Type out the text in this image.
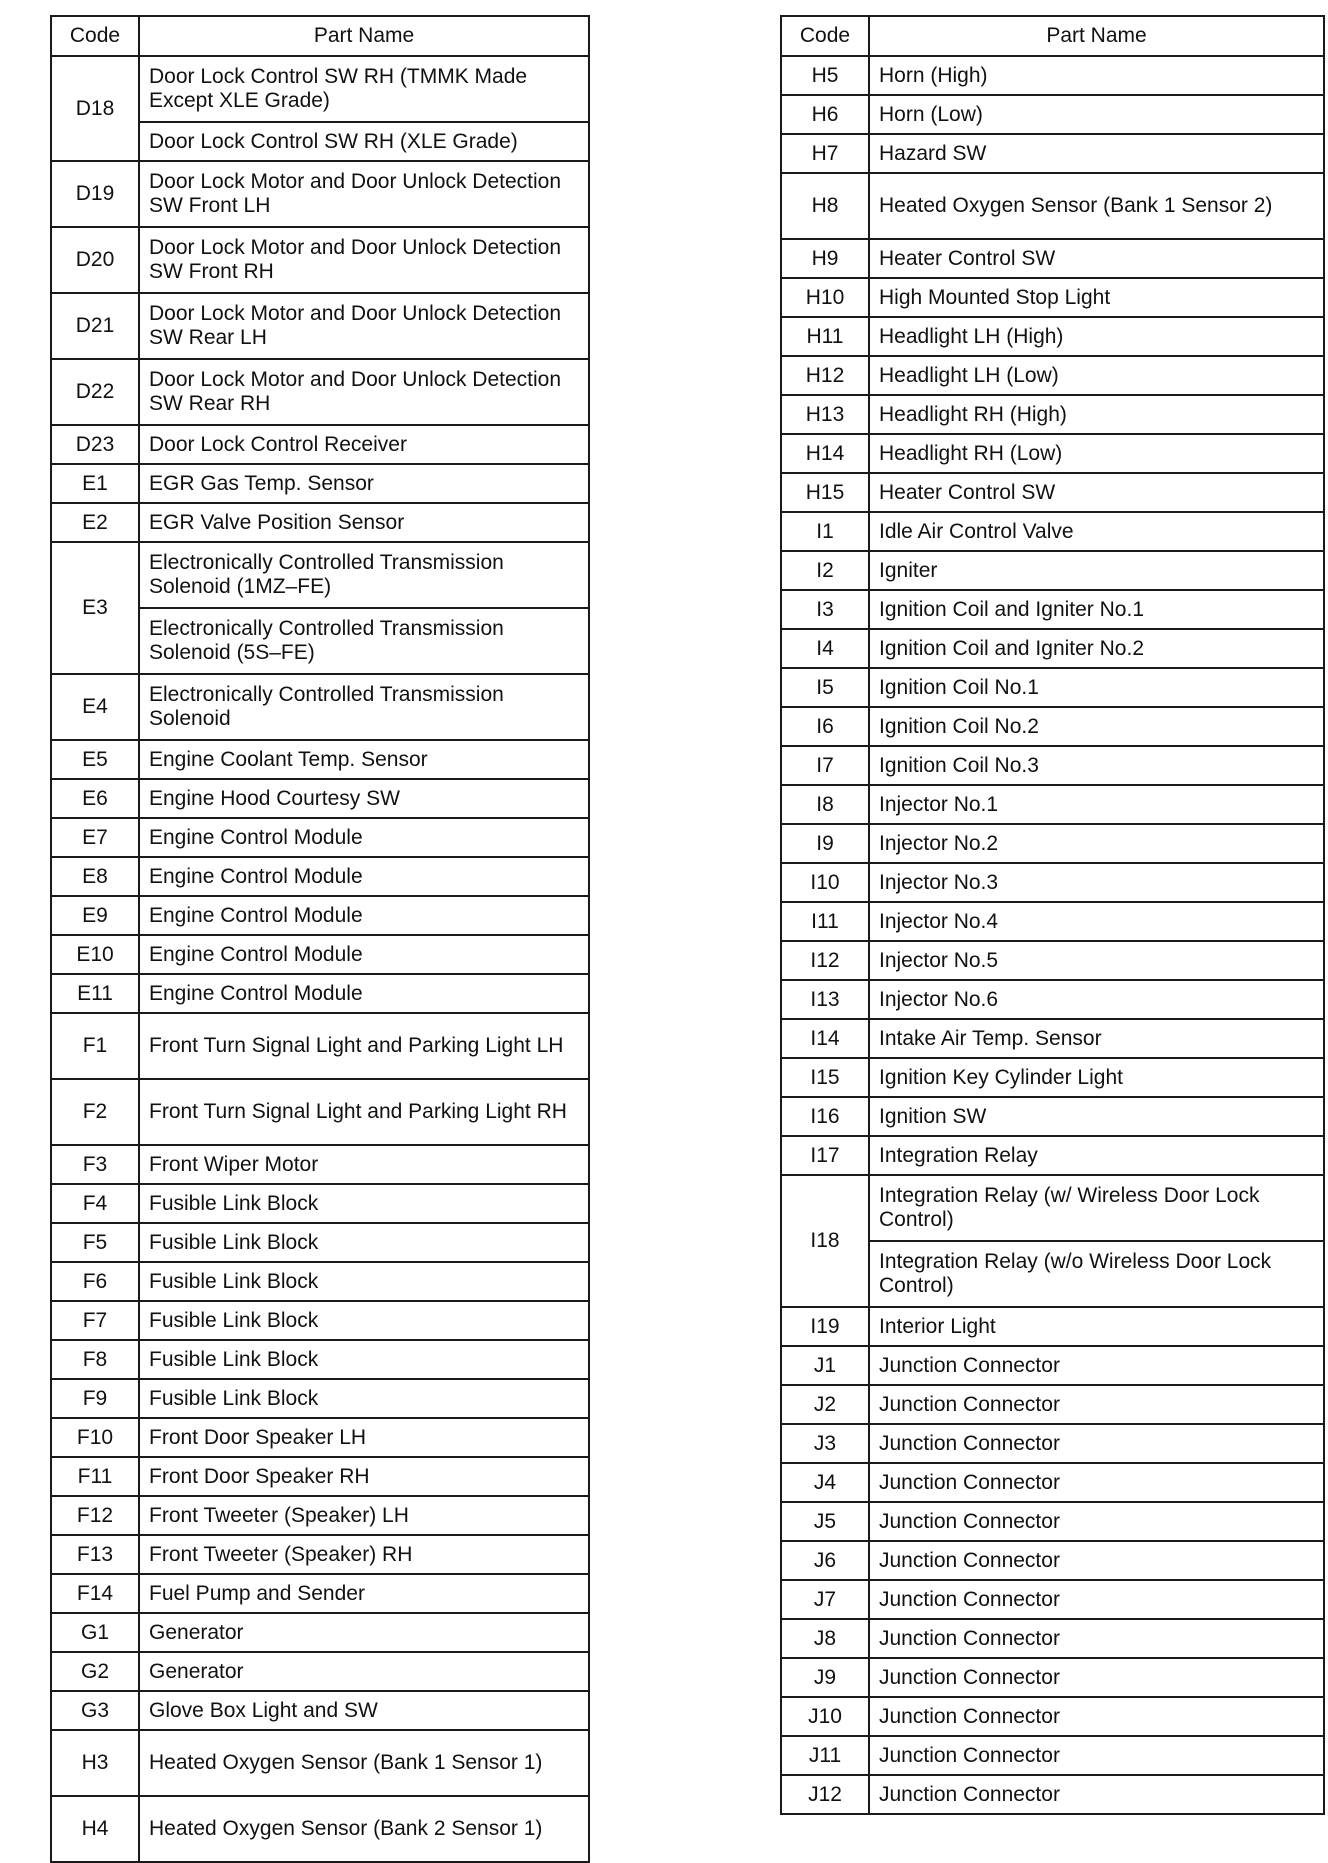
Code	Part Name
D18	Door Lock Control SW RH (TMMK Made Except XLE Grade)
	Door Lock Control SW RH (XLE Grade)
D19	Door Lock Motor and Door Unlock Detection SW Front LH
D20	Door Lock Motor and Door Unlock Detection SW Front RH
D21	Door Lock Motor and Door Unlock Detection SW Rear LH
D22	Door Lock Motor and Door Unlock Detection SW Rear RH
D23	Door Lock Control Receiver
E1	EGR Gas Temp. Sensor
E2	EGR Valve Position Sensor
E3	Electronically Controlled Transmission Solenoid (1MZ–FE)
	Electronically Controlled Transmission Solenoid (5S–FE)
E4	Electronically Controlled Transmission Solenoid
E5	Engine Coolant Temp. Sensor
E6	Engine Hood Courtesy SW
E7	Engine Control Module
E8	Engine Control Module
E9	Engine Control Module
E10	Engine Control Module
E11	Engine Control Module
F1	Front Turn Signal Light and Parking Light LH
F2	Front Turn Signal Light and Parking Light RH
F3	Front Wiper Motor
F4	Fusible Link Block
F5	Fusible Link Block
F6	Fusible Link Block
F7	Fusible Link Block
F8	Fusible Link Block
F9	Fusible Link Block
F10	Front Door Speaker LH
F11	Front Door Speaker RH
F12	Front Tweeter (Speaker) LH
F13	Front Tweeter (Speaker) RH
F14	Fuel Pump and Sender
G1	Generator
G2	Generator
G3	Glove Box Light and SW
H3	Heated Oxygen Sensor (Bank 1 Sensor 1)
H4	Heated Oxygen Sensor (Bank 2 Sensor 1)
Code	Part Name
H5	Horn (High)
H6	Horn (Low)
H7	Hazard SW
H8	Heated Oxygen Sensor (Bank 1 Sensor 2)
H9	Heater Control SW
H10	High Mounted Stop Light
H11	Headlight LH (High)
H12	Headlight LH (Low)
H13	Headlight RH (High)
H14	Headlight RH (Low)
H15	Heater Control SW
I1	Idle Air Control Valve
I2	Igniter
I3	Ignition Coil and Igniter No.1
I4	Ignition Coil and Igniter No.2
I5	Ignition Coil No.1
I6	Ignition Coil No.2
I7	Ignition Coil No.3
I8	Injector No.1
I9	Injector No.2
I10	Injector No.3
I11	Injector No.4
I12	Injector No.5
I13	Injector No.6
I14	Intake Air Temp. Sensor
I15	Ignition Key Cylinder Light
I16	Ignition SW
I17	Integration Relay
I18	Integration Relay (w/ Wireless Door Lock Control)
	Integration Relay (w/o Wireless Door Lock Control)
I19	Interior Light
J1	Junction Connector
J2	Junction Connector
J3	Junction Connector
J4	Junction Connector
J5	Junction Connector
J6	Junction Connector
J7	Junction Connector
J8	Junction Connector
J9	Junction Connector
J10	Junction Connector
J11	Junction Connector
J12	Junction Connector
